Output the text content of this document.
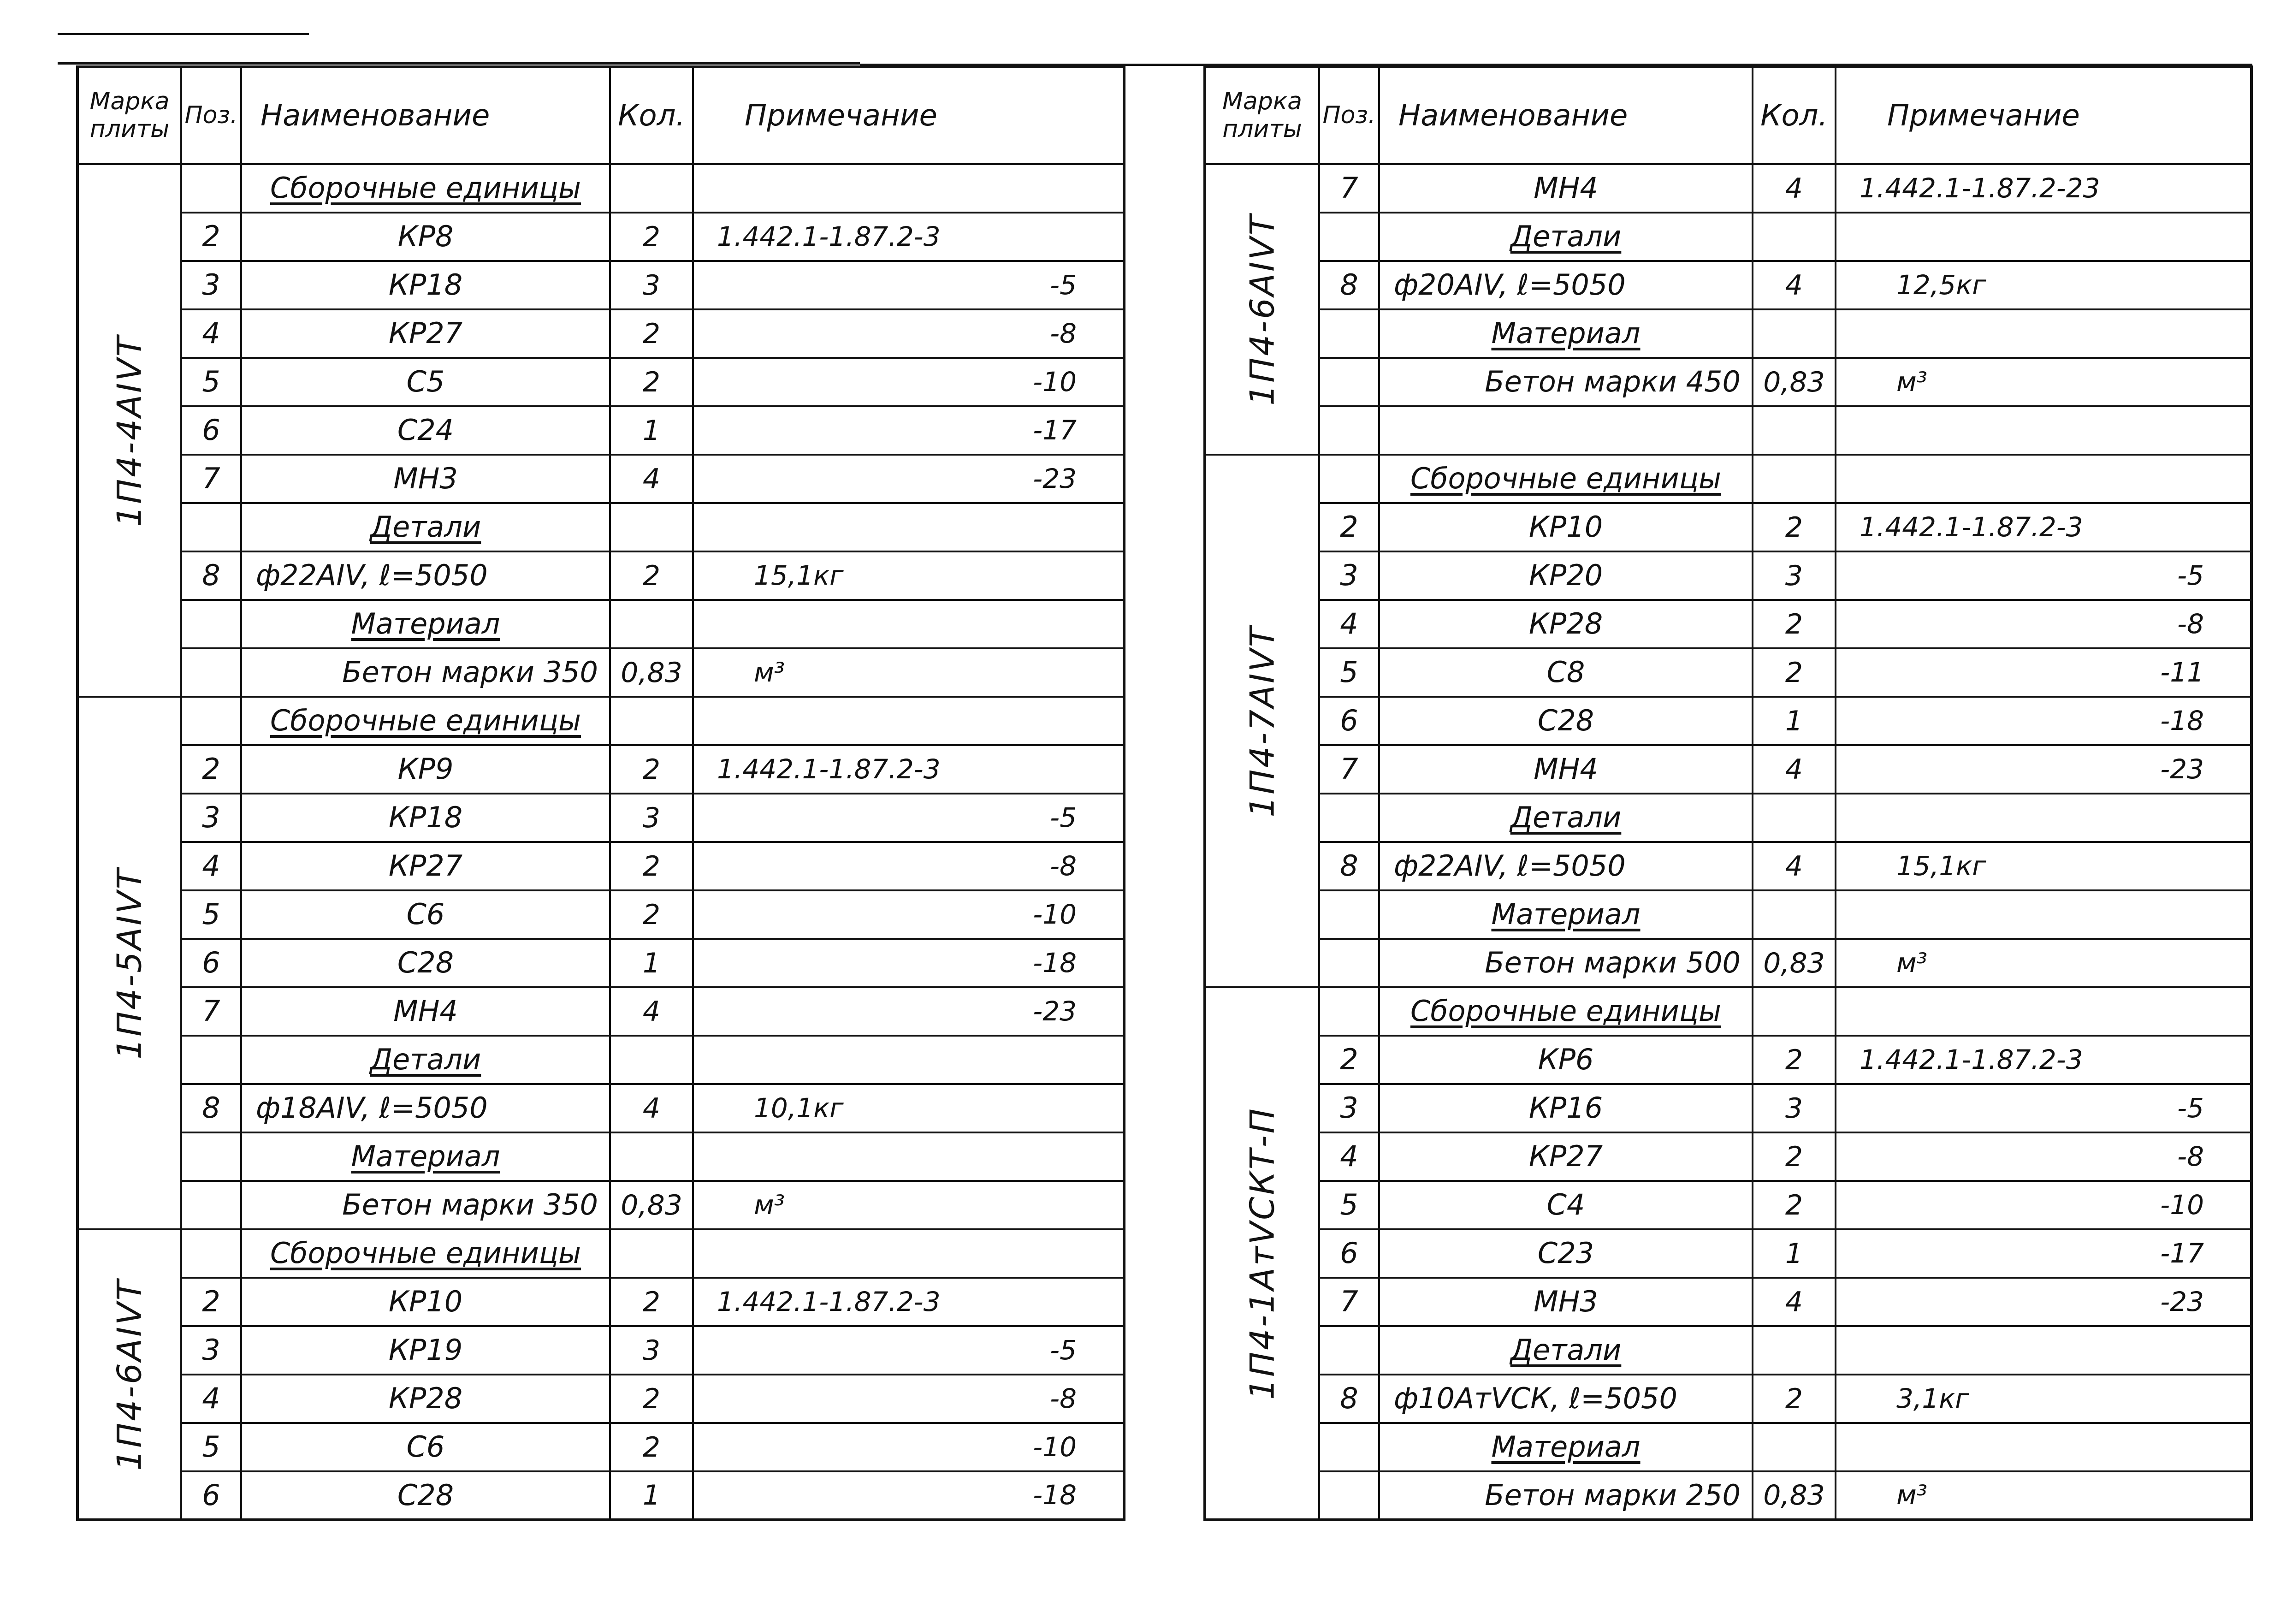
Марка плиты	Поз.	Наименование	Кол.	Примечание

1П4-4АIVТ		Сборочные единицы		
	2	КР8	2	1.442.1-1.87.2-3
	3	КР18	3	-5
	4	КР27	2	-8
	5	С5	2	-10
	6	С24	1	-17
	7	МН3	4	-23
		Детали		
	8	ф22АIV, ℓ=5050	2	15,1кг
		Материал		
		Бетон марки 350	0,83	м³

1П4-5АIVТ		Сборочные единицы		
	2	КР9	2	1.442.1-1.87.2-3
	3	КР18	3	-5
	4	КР27	2	-8
	5	С6	2	-10
	6	С28	1	-18
	7	МН4	4	-23
		Детали		
	8	ф18АIV, ℓ=5050	4	10,1кг
		Материал		
		Бетон марки 350	0,83	м³

1П4-6АIVТ		Сборочные единицы		
	2	КР10	2	1.442.1-1.87.2-3
	3	КР19	3	-5
	4	КР28	2	-8
	5	С6	2	-10
	6	С28	1	-18
Марка плиты	Поз.	Наименование	Кол.	Примечание

1П4-6АIVТ	7	МН4	4	1.442.1-1.87.2-23
		Детали		
	8	ф20АIV, ℓ=5050	4	12,5кг
		Материал		
		Бетон марки 450	0,83	м³

1П4-7АIVТ		Сборочные единицы		
	2	КР10	2	1.442.1-1.87.2-3
	3	КР20	3	-5
	4	КР28	2	-8
	5	С8	2	-11
	6	С28	1	-18
	7	МН4	4	-23
		Детали		
	8	ф22АIV, ℓ=5050	4	15,1кг
		Материал		
		Бетон марки 500	0,83	м³

1П4-1АтVСКТ-П		Сборочные единицы		
	2	КР6	2	1.442.1-1.87.2-3
	3	КР16	3	-5
	4	КР27	2	-8
	5	С4	2	-10
	6	С23	1	-17
	7	МН3	4	-23
		Детали		
	8	ф10АтVСК, ℓ=5050	2	3,1кг
		Материал		
		Бетон марки 250	0,83	м³
